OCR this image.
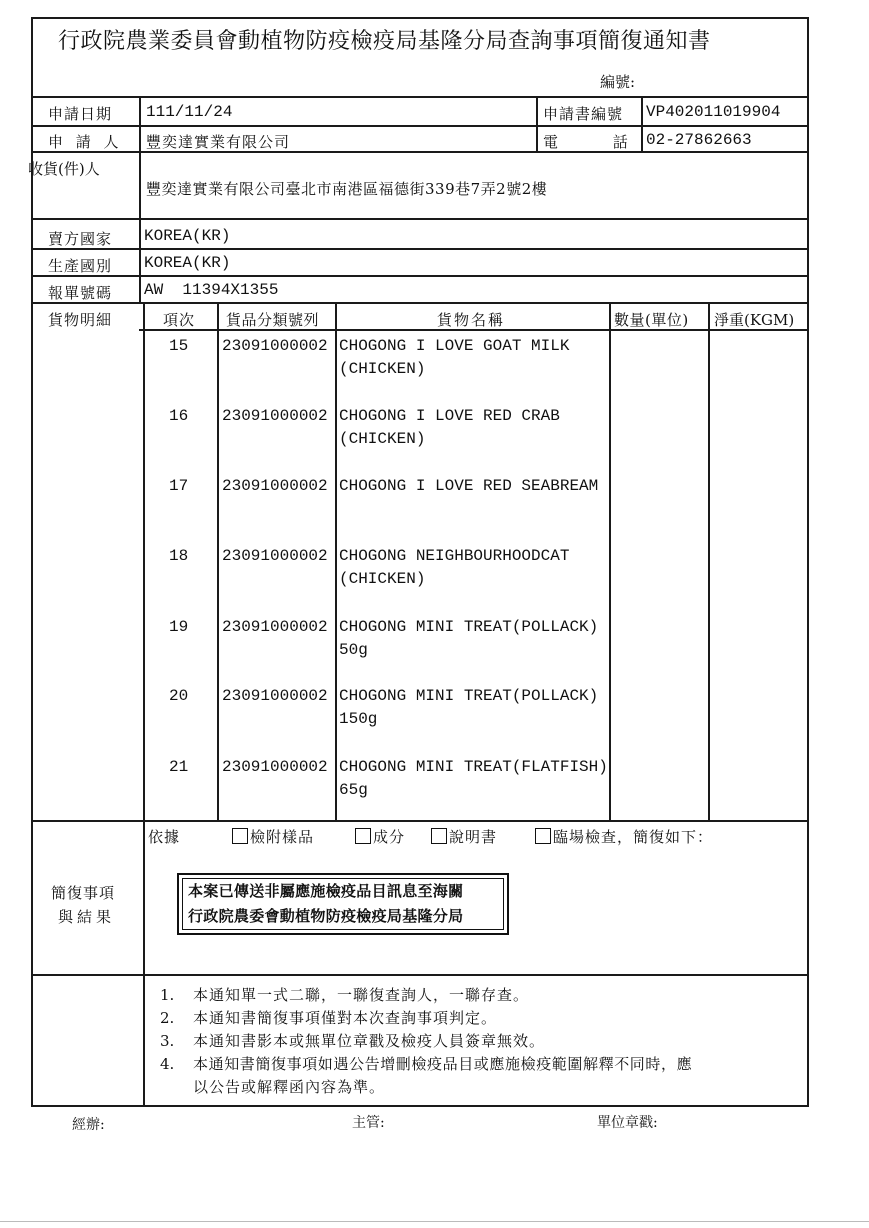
行政院農業委員會動植物防疫檢疫局基隆分局查詢事項簡復通知書
編號:
申請日期 111/11/24	申請書編號 VP402011019904
申 請 人 豐奕達實業有限公司	電 話 02-27862663
收貨(件)人
豐奕達實業有限公司臺北市南港區福德街339巷7弄2號2樓
賣方國家 KOREA(KR)
生產國別 KOREA(KR)
報單號碼 AW  11394X1355
貨物明細	項次 貨品分類號列	貨物名稱	數量(單位) 淨重(KGM)
15 23091000002 CHOGONG I LOVE GOAT MILK
(CHICKEN)
16 23091000002 CHOGONG I LOVE RED CRAB
(CHICKEN)
17 23091000002 CHOGONG I LOVE RED SEABREAM
18 23091000002 CHOGONG NEIGHBOURHOODCAT
(CHICKEN)
19 23091000002 CHOGONG MINI TREAT(POLLACK)
50g
20 23091000002 CHOGONG MINI TREAT(POLLACK)
150g
21 23091000002 CHOGONG MINI TREAT(FLATFISH)
65g
簡復事項
與結果
依據	檢附樣品	成分	說明書	臨場檢查，簡復如下：
本案已傳送非屬應施檢疫品目訊息至海關
行政院農委會動植物防疫檢疫局基隆分局
1. 本通知單一式二聯，一聯復查詢人，一聯存查。
2. 本通知書簡復事項僅對本次查詢事項判定。
3. 本通知書影本或無單位章戳及檢疫人員簽章無效。
4. 本通知書簡復事項如遇公告增刪檢疫品目或應施檢疫範圍解釋不同時，應
以公告或解釋函內容為準。
經辦:	主管:	單位章戳:
